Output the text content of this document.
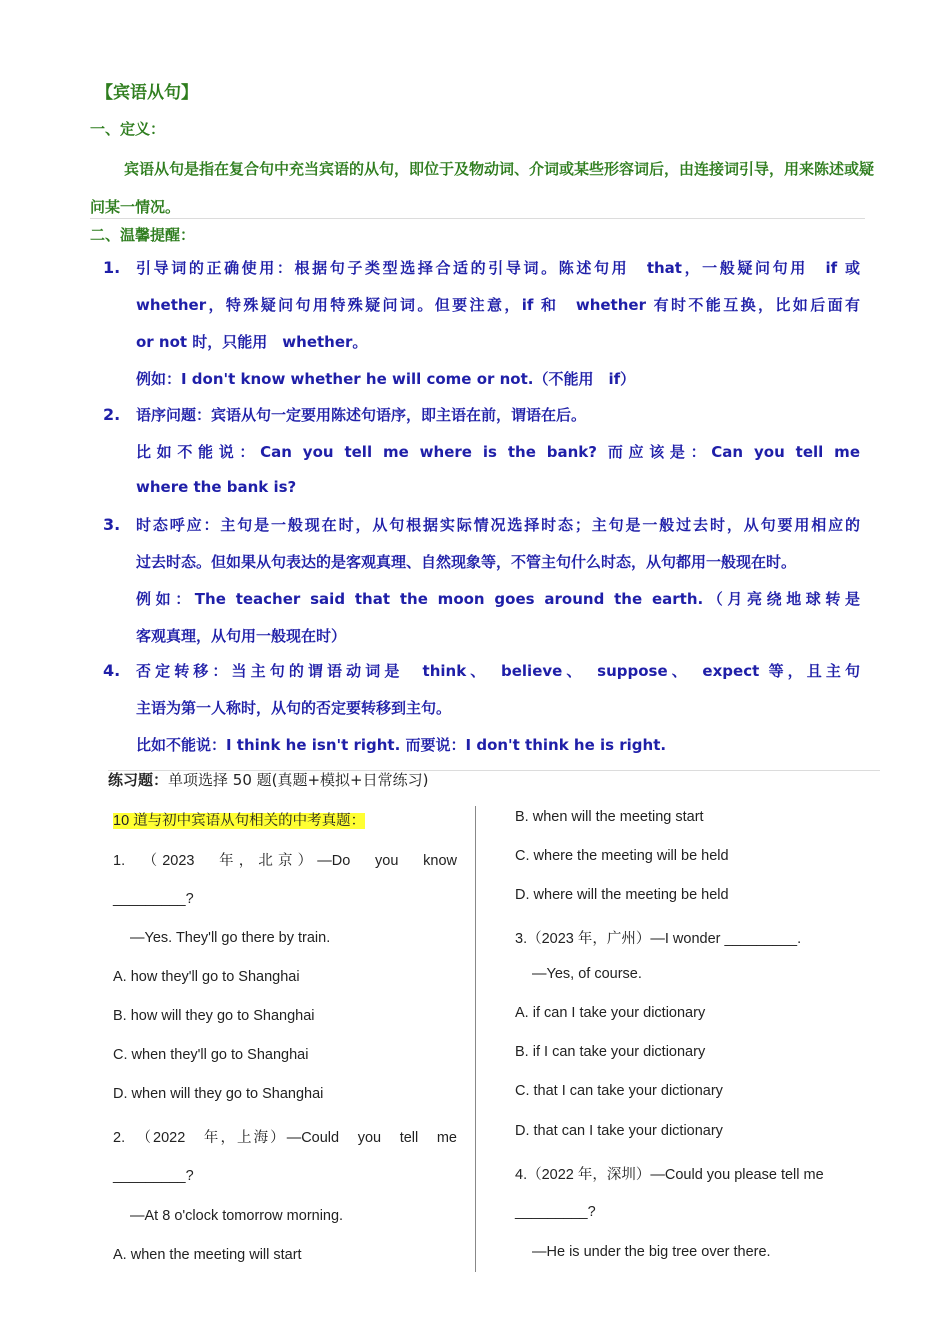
【宾语从句】
一、定义：
宾语从句是指在复合句中充当宾语的从句，即位于及物动词、介词或某些形容词后，由连接词引导，用来陈述或疑问某一情况。
二、温馨提醒：
1. 引导词的正确使用：根据句子类型选择合适的引导词。陈述句用　that，一般疑问句用　if 或
whether，特殊疑问句用特殊疑问词。但要注意，if 和　whether 有时不能互换，比如后面有
or not 时，只能用　whether。
例如：I don't know whether he will come or not.（不能用　if）
2. 语序问题：宾语从句一定要用陈述句语序，即主语在前，谓语在后。
比如不能说：Can you tell me where is the bank? 而应该是：Can you tell me
where the bank is?
3. 时态呼应：主句是一般现在时，从句根据实际情况选择时态；主句是一般过去时，从句要用相应的
过去时态。但如果从句表达的是客观真理、自然现象等，不管主句什么时态，从句都用一般现在时。
例如：The teacher said that the moon goes around the earth.（月亮绕地球转是
客观真理，从句用一般现在时）
4. 否定转移：当主句的谓语动词是　think、　believe、　suppose、　expect 等，且主句
主语为第一人称时，从句的否定要转移到主句。
比如不能说：I think he isn't right. 而要说：I don't think he is right.
练习题：单项选择 50 题(真题+模拟+日常练习)
10 道与初中宾语从句相关的中考真题：
1.　（2023　年，北京）—Do　you　know
_________?
—Yes. They'll go there by train.
A. how they'll go to Shanghai
B. how will they go to Shanghai
C. when they'll go to Shanghai
D. when will they go to Shanghai
2.　（2022　年，上海）—Could　you　tell　me
_________?
—At 8 o'clock tomorrow morning.
A. when the meeting will start
B. when will the meeting start
C. where the meeting will be held
D. where will the meeting be held
3.（2023 年，广州）—I wonder _________.
—Yes, of course.
A. if can I take your dictionary
B. if I can take your dictionary
C. that I can take your dictionary
D. that can I take your dictionary
4.（2022 年，深圳）—Could you please tell me
_________?
—He is under the big tree over there.
